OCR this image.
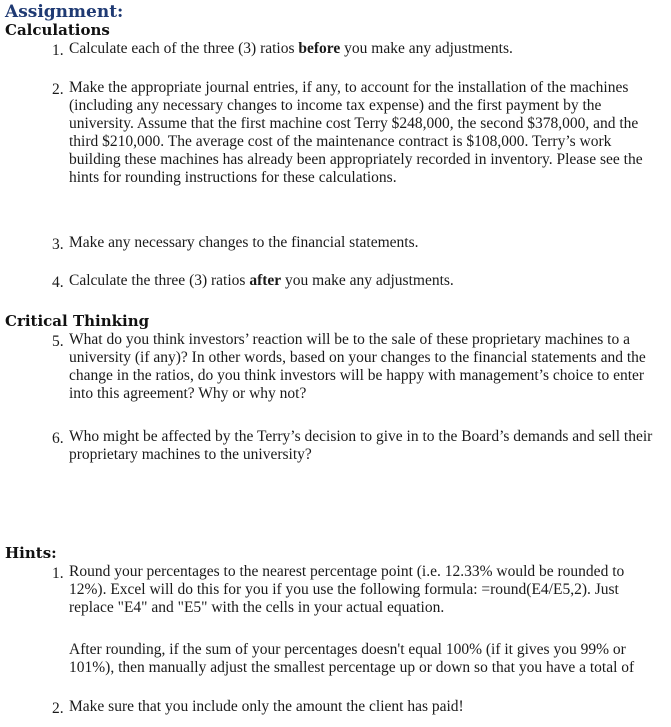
Assignment:
Calculations
1. Calculate each of the three (3) ratios before you make any adjustments.
2. Make the appropriate journal entries, if any, to account for the installation of the machines (including any necessary changes to income tax expense) and the first payment by the university. Assume that the first machine cost Terry $248,000, the second $378,000, and the third $210,000. The average cost of the maintenance contract is $108,000. Terry’s work building these machines has already been appropriately recorded in inventory. Please see the hints for rounding instructions for these calculations.
3. Make any necessary changes to the financial statements.
4. Calculate the three (3) ratios after you make any adjustments.
Critical Thinking
5. What do you think investors’ reaction will be to the sale of these proprietary machines to a university (if any)? In other words, based on your changes to the financial statements and the change in the ratios, do you think investors will be happy with management’s choice to enter into this agreement? Why or why not?
6. Who might be affected by the Terry’s decision to give in to the Board’s demands and sell their proprietary machines to the university?
Hints:
1. Round your percentages to the nearest percentage point (i.e. 12.33% would be rounded to 12%). Excel will do this for you if you use the following formula: =round(E4/E5,2). Just replace "E4" and "E5" with the cells in your actual equation.

After rounding, if the sum of your percentages doesn't equal 100% (if it gives you 99% or 101%), then manually adjust the smallest percentage up or down so that you have a total of

2. Make sure that you include only the amount the client has paid!
